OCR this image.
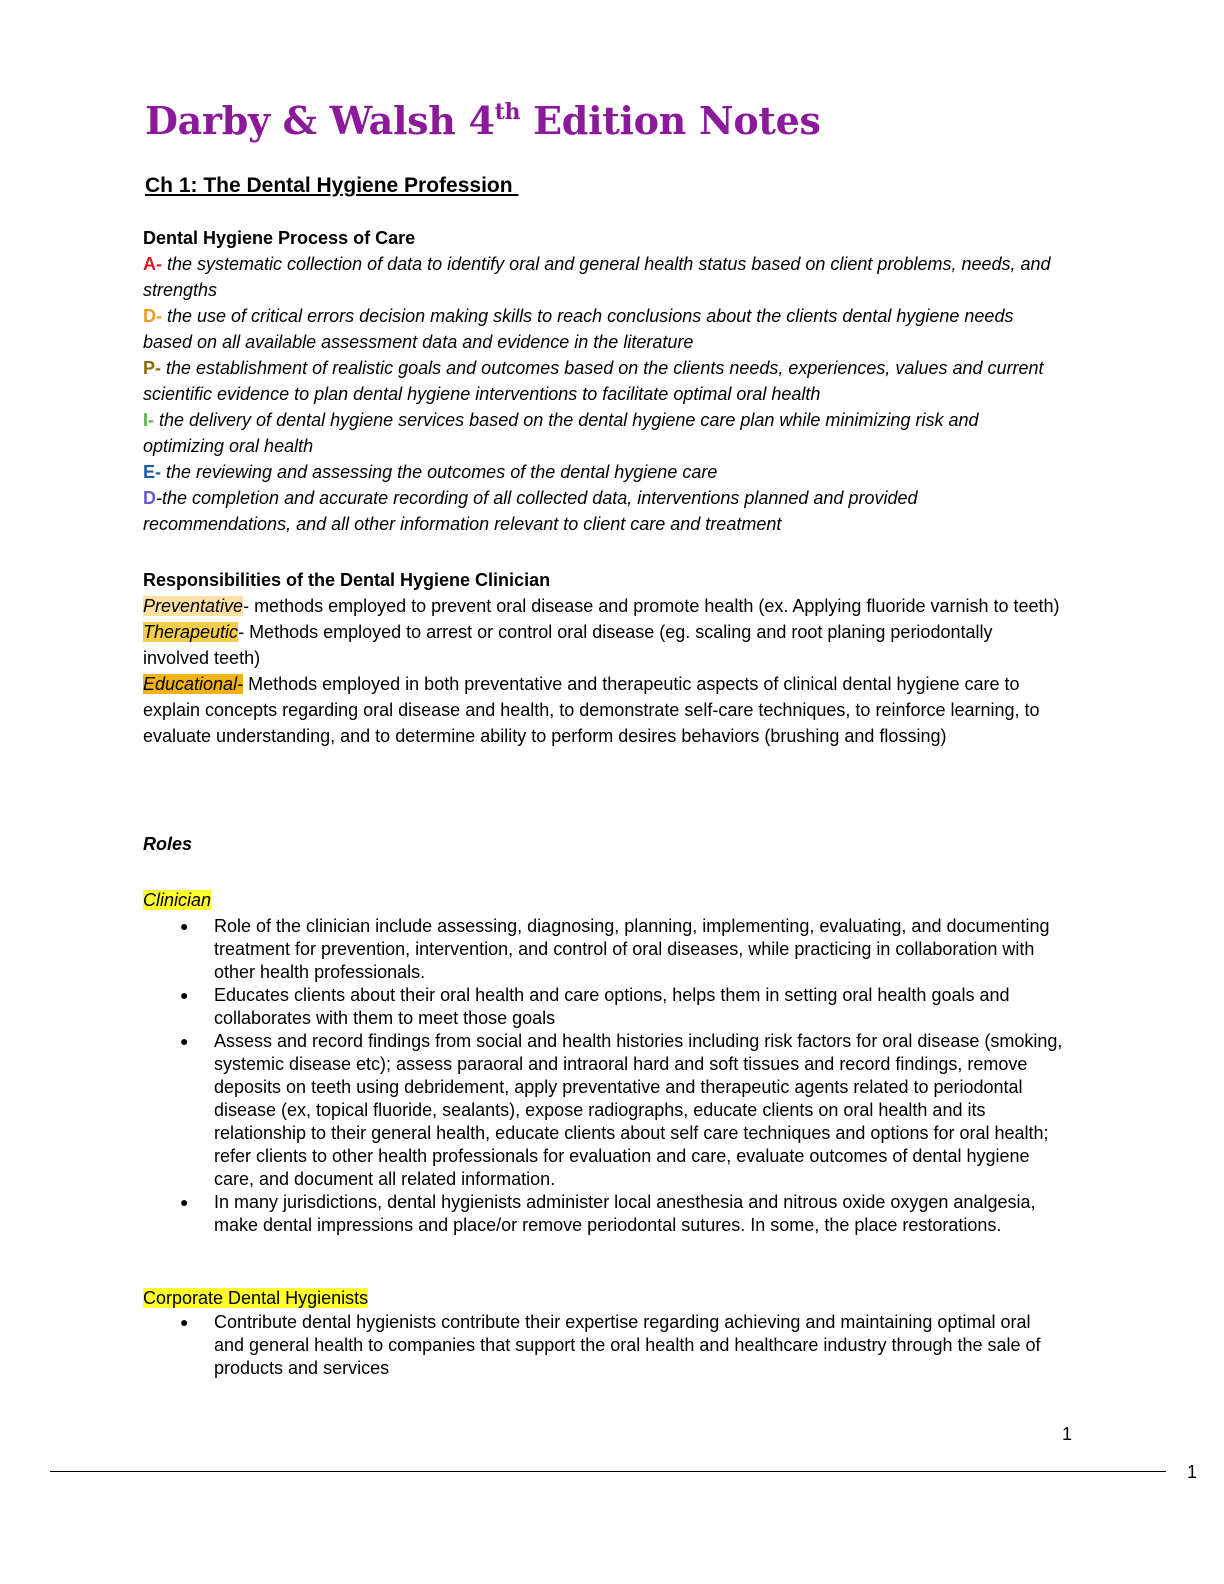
Darby & Walsh 4th Edition Notes
Ch 1: The Dental Hygiene Profession
Dental Hygiene Process of Care
A- the systematic collection of data to identify oral and general health status based on client problems, needs, and strengths
D- the use of critical errors decision making skills to reach conclusions about the clients dental hygiene needs based on all available assessment data and evidence in the literature
P- the establishment of realistic goals and outcomes based on the clients needs, experiences, values and current scientific evidence to plan dental hygiene interventions to facilitate optimal oral health
I- the delivery of dental hygiene services based on the dental hygiene care plan while minimizing risk and optimizing oral health
E- the reviewing and assessing the outcomes of the dental hygiene care
D-the completion and accurate recording of all collected data, interventions planned and provided recommendations, and all other information relevant to client care and treatment
Responsibilities of the Dental Hygiene Clinician
Preventative- methods employed to prevent oral disease and promote health (ex. Applying fluoride varnish to teeth)
Therapeutic- Methods employed to arrest or control oral disease (eg. scaling and root planing periodontally involved teeth)
Educational- Methods employed in both preventative and therapeutic aspects of clinical dental hygiene care to explain concepts regarding oral disease and health, to demonstrate self-care techniques, to reinforce learning, to evaluate understanding, and to determine ability to perform desires behaviors (brushing and flossing)
Roles
Clinician
● Role of the clinician include assessing, diagnosing, planning, implementing, evaluating, and documenting treatment for prevention, intervention, and control of oral diseases, while practicing in collaboration with other health professionals.
● Educates clients about their oral health and care options, helps them in setting oral health goals and collaborates with them to meet those goals
● Assess and record findings from social and health histories including risk factors for oral disease (smoking, systemic disease etc); assess paraoral and intraoral hard and soft tissues and record findings, remove deposits on teeth using debridement, apply preventative and therapeutic agents related to periodontal disease (ex, topical fluoride, sealants), expose radiographs, educate clients on oral health and its relationship to their general health, educate clients about self care techniques and options for oral health; refer clients to other health professionals for evaluation and care, evaluate outcomes of dental hygiene care, and document all related information.
● In many jurisdictions, dental hygienists administer local anesthesia and nitrous oxide oxygen analgesia, make dental impressions and place/or remove periodontal sutures. In some, the place restorations.
Corporate Dental Hygienists
● Contribute dental hygienists contribute their expertise regarding achieving and maintaining optimal oral and general health to companies that support the oral health and healthcare industry through the sale of products and services
1
1
